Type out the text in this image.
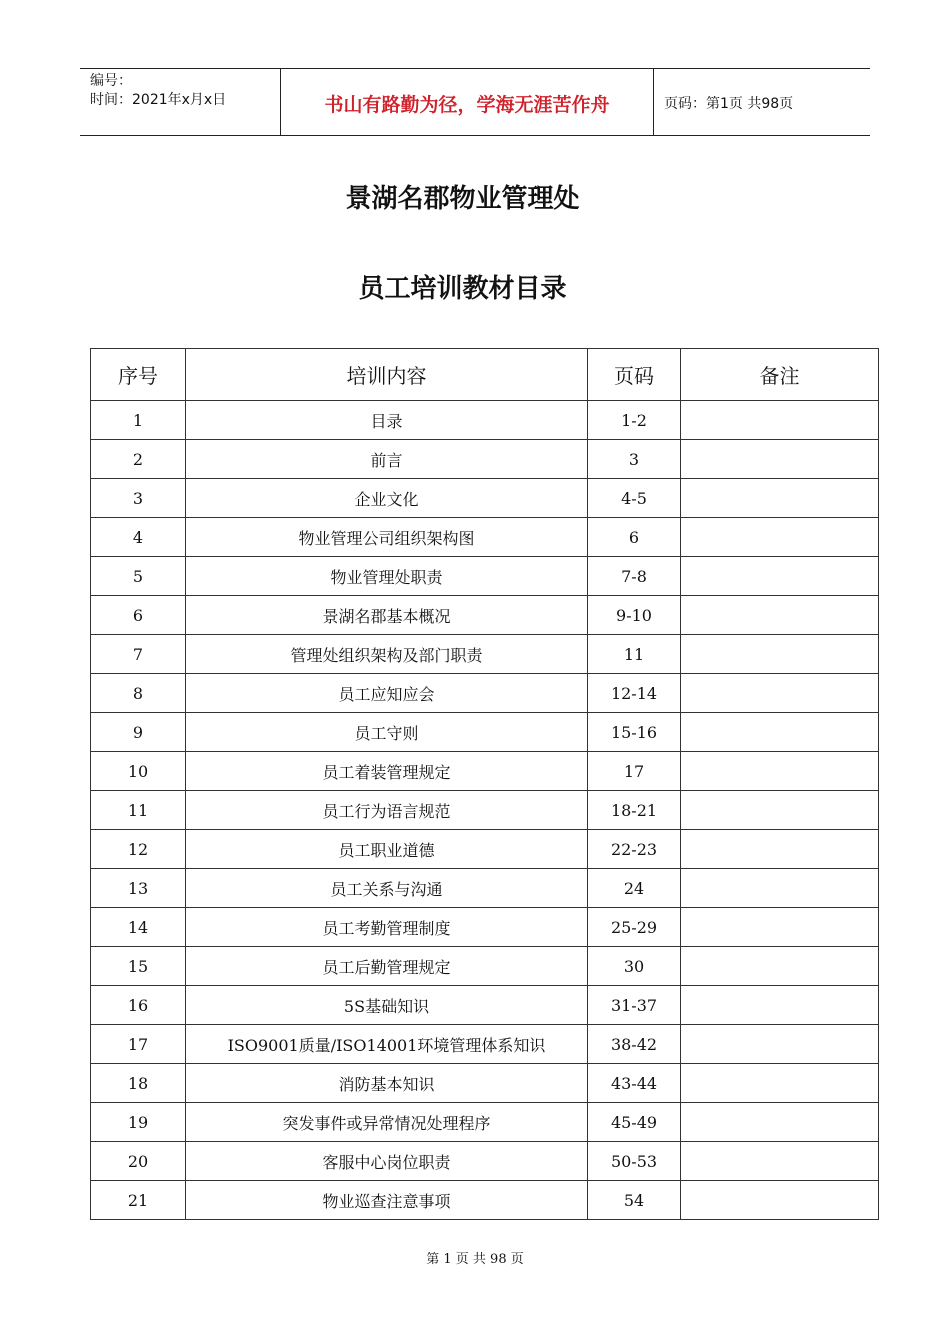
编号：
时间：2021年x月x日	书山有路勤为径，学海无涯苦作舟	页码：第1页 共98页
景湖名郡物业管理处
员工培训教材目录
序号	培训内容	页码	备注
1	目录	1-2	
2	前言	3	
3	企业文化	4-5	
4	物业管理公司组织架构图	6	
5	物业管理处职责	7-8	
6	景湖名郡基本概况	9-10	
7	管理处组织架构及部门职责	11	
8	员工应知应会	12-14	
9	员工守则	15-16	
10	员工着装管理规定	17	
11	员工行为语言规范	18-21	
12	员工职业道德	22-23	
13	员工关系与沟通	24	
14	员工考勤管理制度	25-29	
15	员工后勤管理规定	30	
16	5S基础知识	31-37	
17	ISO9001质量/ISO14001环境管理体系知识	38-42	
18	消防基本知识	43-44	
19	突发事件或异常情况处理程序	45-49	
20	客服中心岗位职责	50-53	
21	物业巡查注意事项	54	
第 1 页 共 98 页
